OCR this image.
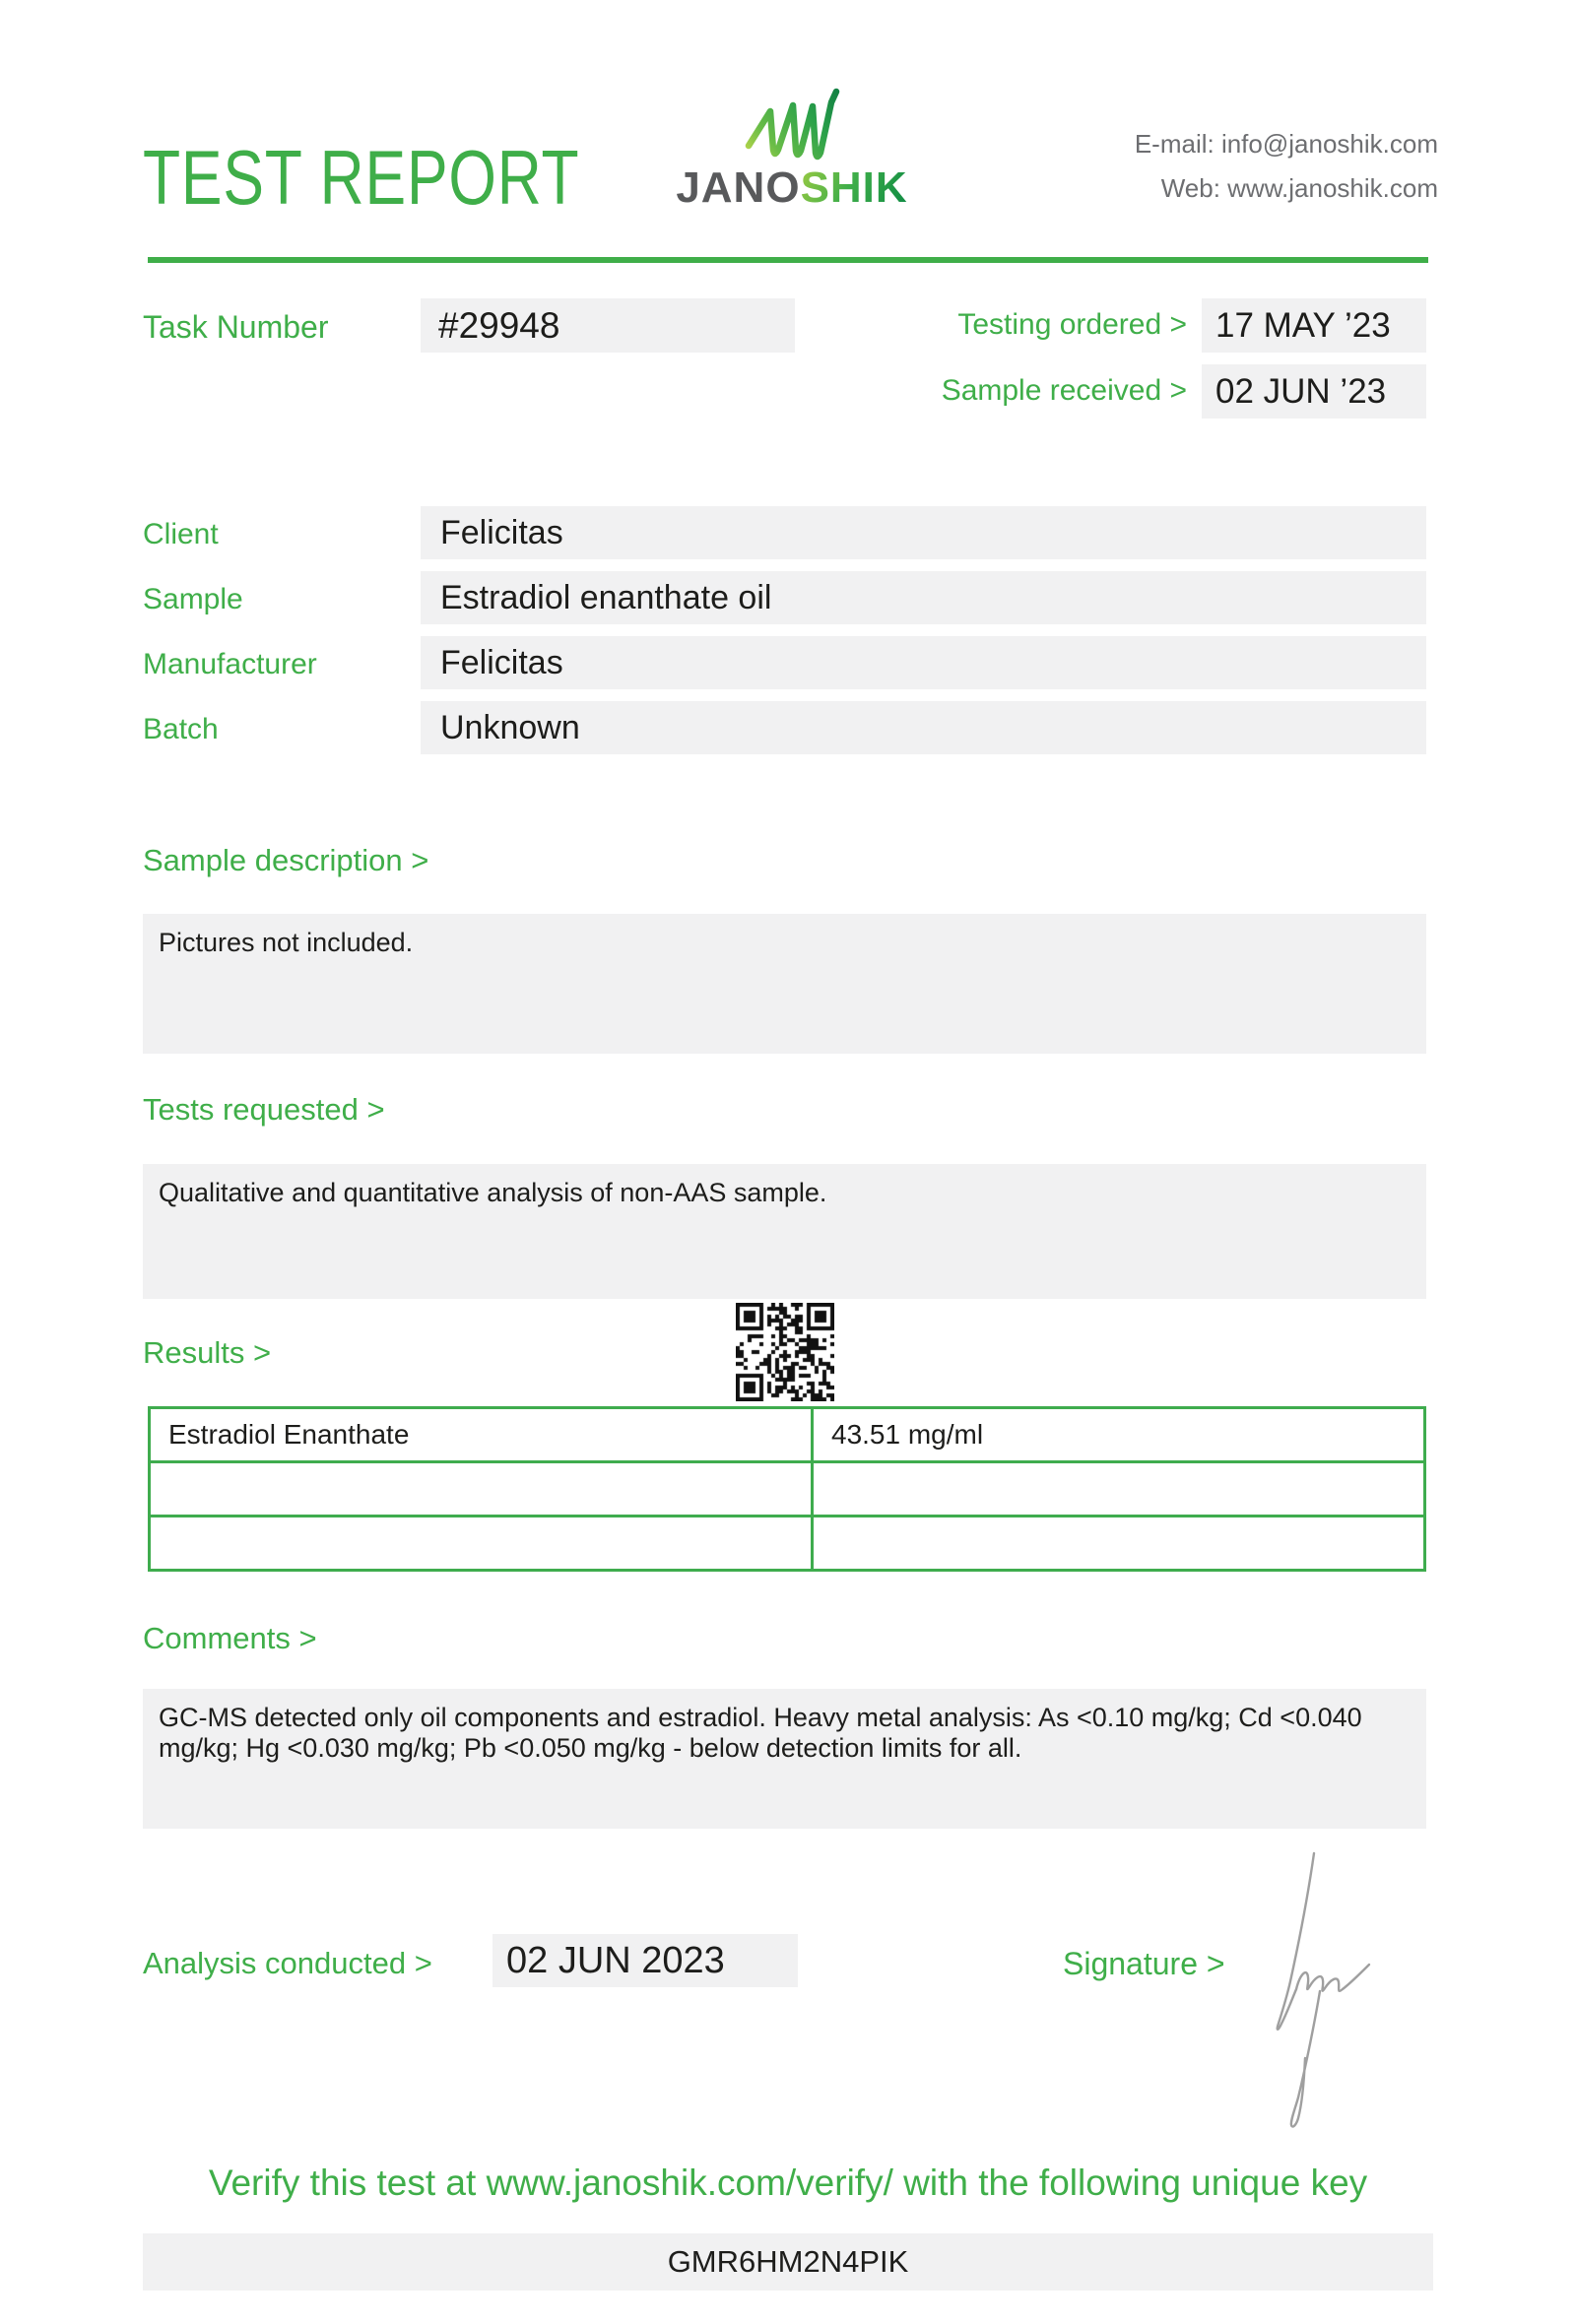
TEST REPORT JANOSHIK
E-mail: info@janoshik.com
Web: www.janoshik.com
Task Number	#29948	Testing ordered > 17 MAY ’23
Sample received > 02 JUN ’23
Client	Felicitas
Sample	Estradiol enanthate oil
Manufacturer	Felicitas
Batch	Unknown
Sample description >
Pictures not included.
Tests requested >
Qualitative and quantitative analysis of non-AAS sample.
Results >
Estradiol Enanthate	43.51 mg/ml

Comments >
GC-MS detected only oil components and estradiol. Heavy metal analysis: As <0.10 mg/kg; Cd <0.040 mg/kg; Hg <0.030 mg/kg; Pb <0.050 mg/kg - below detection limits for all.
Analysis conducted >	02 JUN 2023	Signature >
Verify this test at www.janoshik.com/verify/ with the following unique key
GMR6HM2N4PIK
